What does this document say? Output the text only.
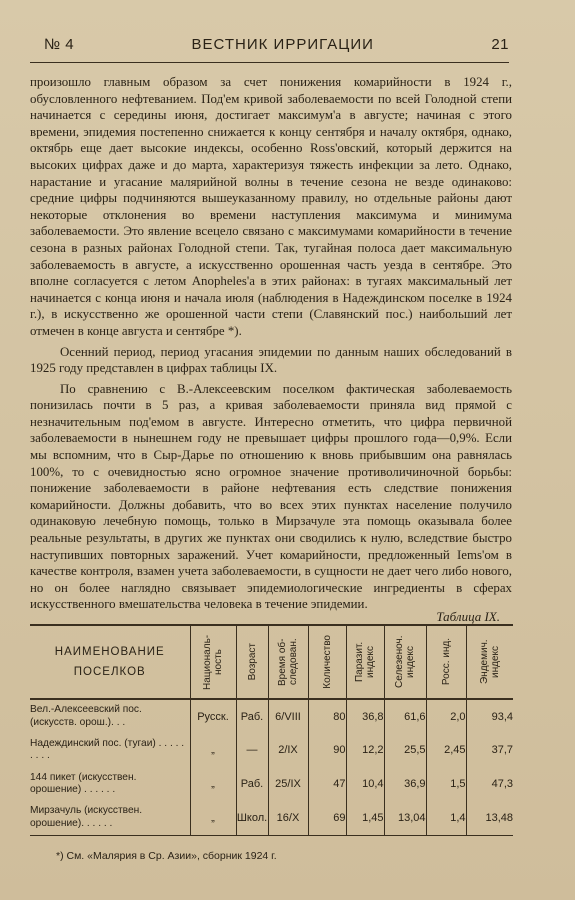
№ 4	ВЕСТНИК ИРРИГАЦИИ	21

произошло главным образом за счет понижения комарийности в 1924 г., обусловленного нефтеванием. Под'ем кривой заболеваемости по всей Голодной степи начинается с середины июня, достигает максимум'а в августе; начиная с этого времени, эпидемия постепенно снижается к концу сентября и началу октября, однако, октябрь еще дает высокие индексы, особенно Ross'овский, который держится на высоких цифрах даже и до марта, характеризуя тяжесть инфекции за лето. Однако, нарастание и угасание малярийной волны в течение сезона не везде одинаково: средние цифры подчиняются вышеуказанному правилу, но отдельные районы дают некоторые отклонения во времени наступления максимума и минимума заболеваемости. Это явление всецело связано с максимумами комарийности в течение сезона в разных районах Голодной степи. Так, тугайная полоса дает максимальную заболеваемость в августе, а искусственно орошенная часть уезда в сентябре. Это вполне согласуется с летом Anopheles'а в этих районах: в тугаях максимальный лет начинается с конца июня и начала июля (наблюдения в Надеждинском поселке в 1924 г.), в искусственно же орошенной части степи (Славянский пос.) наибольший лет отмечен в конце августа и сентябре *).

Осенний период, период угасания эпидемии по данным наших обследований в 1925 году представлен в цифрах таблицы IX.

По сравнению с В.-Алексеевским поселком фактическая заболеваемость понизилась почти в 5 раз, а кривая заболеваемости приняла вид прямой с незначительным под'емом в августе. Интересно отметить, что цифра первичной заболеваемости в нынешнем году не превышает цифры прошлого года—0,9%. Если мы вспомним, что в Сыр-Дарье по отношению к вновь прибывшим она равнялась 100%, то с очевидностью ясно огромное значение противоличиночной борьбы: понижение заболеваемости в районе нефтевания есть следствие понижения комарийности. Должны добавить, что во всех этих пунктах население получило одинаковую лечебную помощь, только в Мирзачуле эта помощь оказывала более реальные результаты, в других же пунктах они сводились к нулю, вследствие быстро наступивших повторных заражений. Учет комарийности, предложенный Iems'ом в качестве контроля, взамен учета заболеваемости, в сущности не дает чего либо нового, но он более наглядно связывает эпидемиологические ингредиенты в сферах искусственного вмешательства человека в течение эпидемии.

Таблица IX.
НАИМЕНОВАНИЕ
ПОСЕЛКОВ	Националь-ность	Возраст	Время об-следован.	Количество	Паразит. индекс	Селезеноч. индекс	Росс. инд.	Эндемич. индекс

Вел.-Алексеевский пос. (искусств. орош.). . .	Русск.	Раб.	6/VIII	80	36,8	61,6	2,0	93,4
Надеждинский пос. (тугаи) . . . . . . . . .	„	—	2/IX	90	12,2	25,5	2,45	37,7
144 пикет (искусствен. орошение) . . . . . .	„	Раб.	25/IX	47	10,4	36,9	1,5	47,3
Мирзачуль (искусствен. орошение). . . . . .	„	Школ.	16/X	69	1,45	13,04	1,4	13,48
*) См. «Малярия в Ср. Азии», сборник 1924 г.
